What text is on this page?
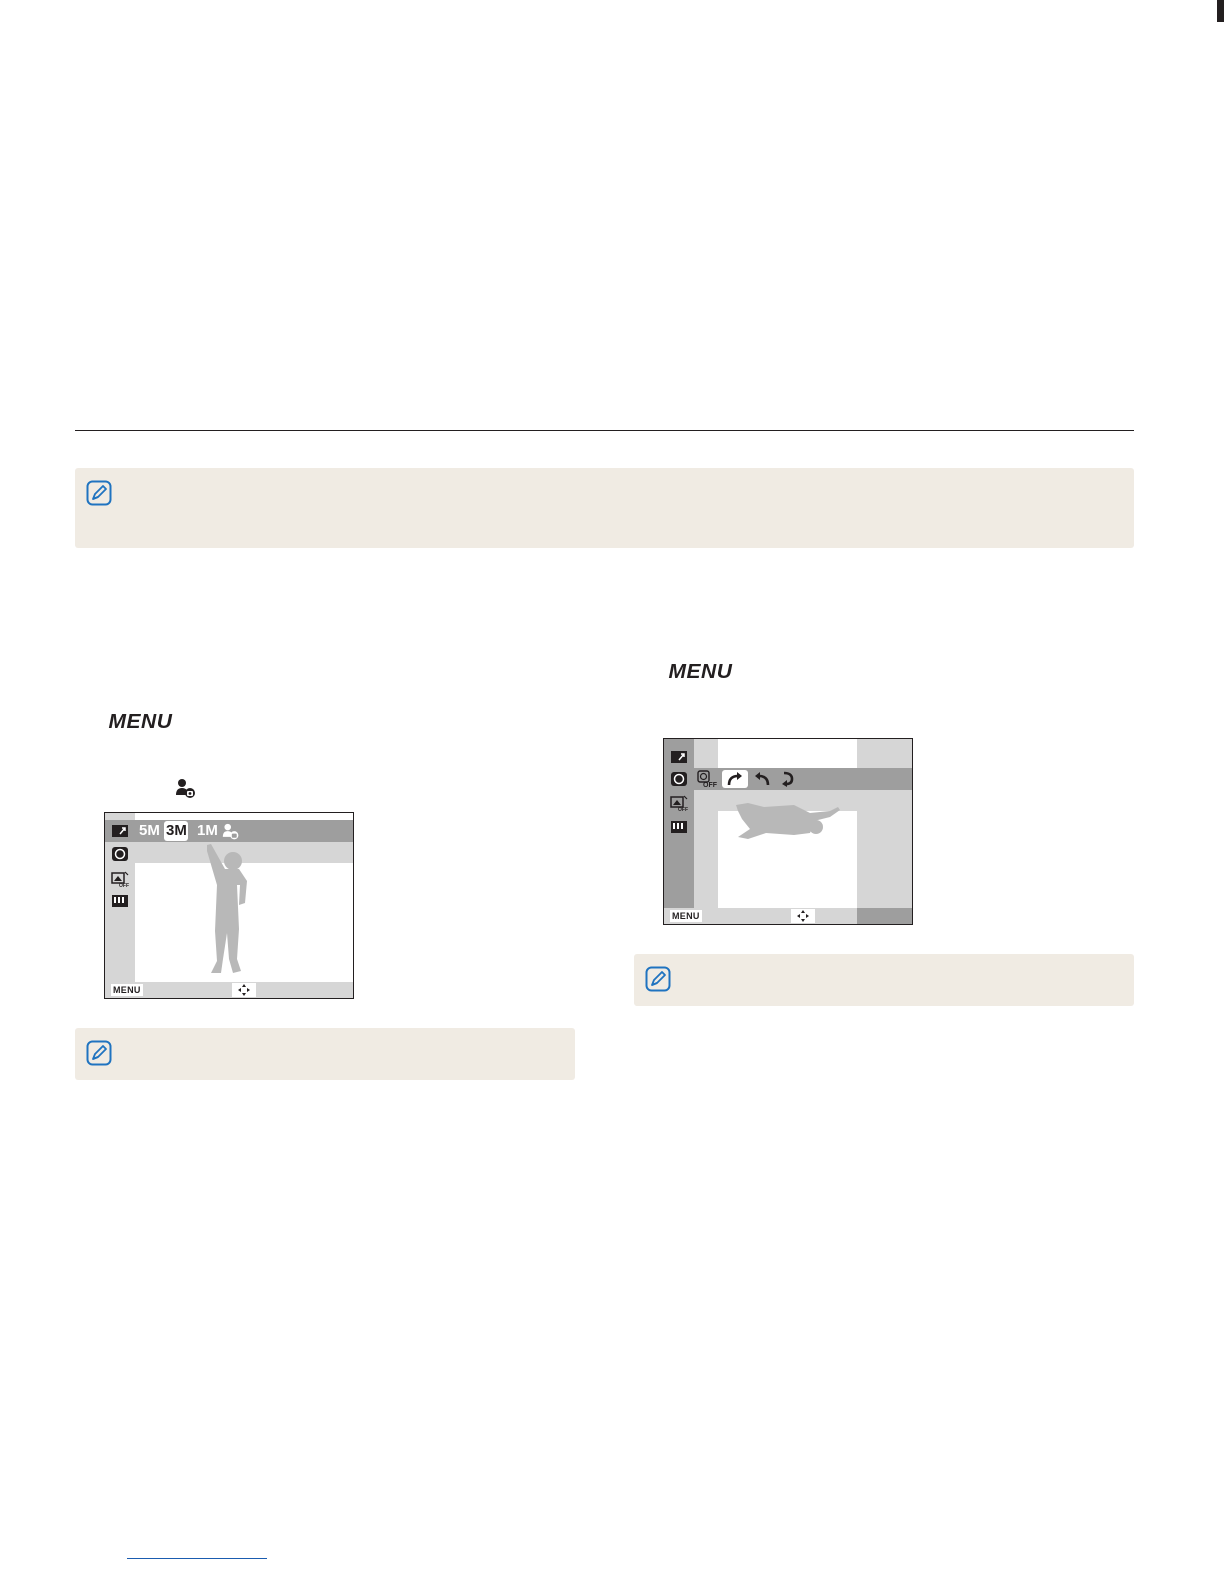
MENU
OFF
5M 3M 1M
MENU
MENU
OFF
OFF
MENU
